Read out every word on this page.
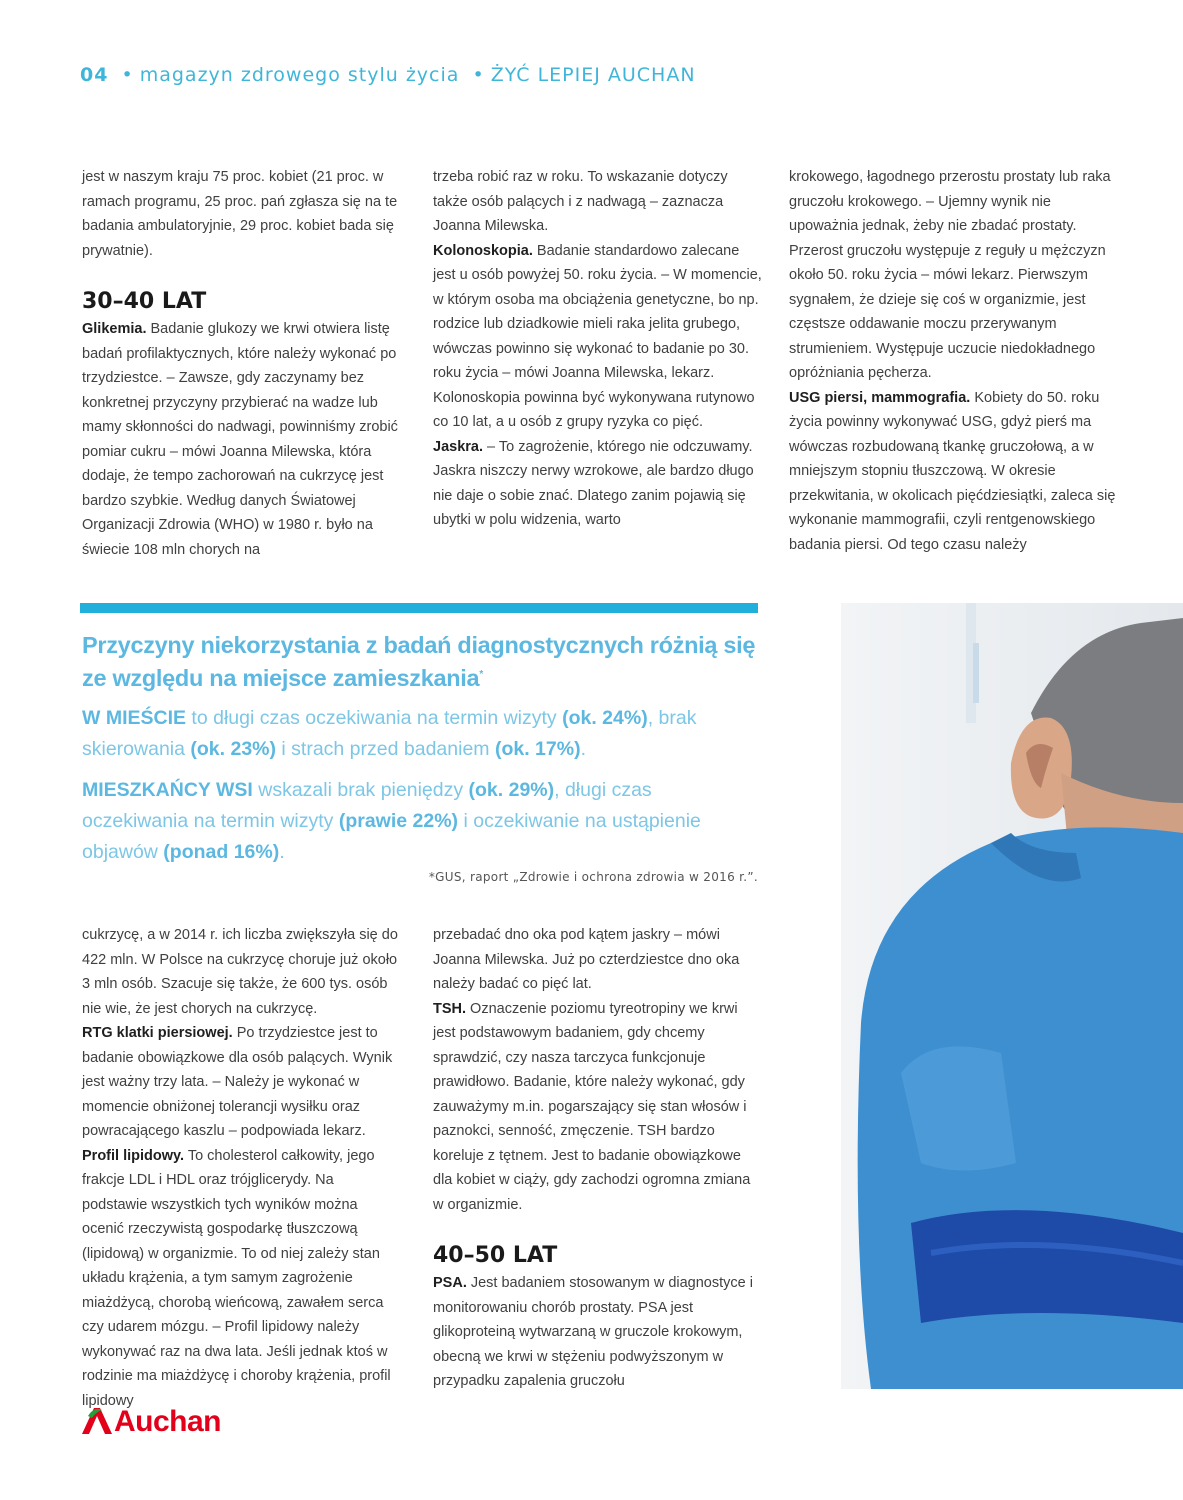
04 • magazyn zdrowego stylu życia • ŻYĆ LEPIEJ AUCHAN

jest w naszym kraju 75 proc. kobiet (21 proc. w ramach programu, 25 proc. pań zgłasza się na te badania ambulatoryjnie, 29 proc. kobiet bada się prywatnie).

30–40 LAT

Glikemia. Badanie glukozy we krwi otwiera listę badań profilaktycznych, które należy wykonać po trzydziestce. – Zawsze, gdy zaczynamy bez konkretnej przyczyny przybierać na wadze lub mamy skłonności do nadwagi, powinniśmy zrobić pomiar cukru – mówi Joanna Milewska, która dodaje, że tempo zachorowań na cukrzycę jest bardzo szybkie. Według danych Światowej Organizacji Zdrowia (WHO) w 1980 r. było na świecie 108 mln chorych na

trzeba robić raz w roku. To wskazanie dotyczy także osób palących i z nadwagą – zaznacza Joanna Milewska.

Kolonoskopia. Badanie standardowo zalecane jest u osób powyżej 50. roku życia. – W momencie, w którym osoba ma obciążenia genetyczne, bo np. rodzice lub dziadkowie mieli raka jelita grubego, wówczas powinno się wykonać to badanie po 30. roku życia – mówi Joanna Milewska, lekarz. Kolonoskopia powinna być wykonywana rutynowo co 10 lat, a u osób z grupy ryzyka co pięć.

Jaskra. – To zagrożenie, którego nie odczuwamy. Jaskra niszczy nerwy wzrokowe, ale bardzo długo nie daje o sobie znać. Dlatego zanim pojawią się ubytki w polu widzenia, warto

krokowego, łagodnego przerostu prostaty lub raka gruczołu krokowego. – Ujemny wynik nie upoważnia jednak, żeby nie zbadać prostaty. Przerost gruczołu występuje z reguły u mężczyzn około 50. roku życia – mówi lekarz. Pierwszym sygnałem, że dzieje się coś w organizmie, jest częstsze oddawanie moczu przerywanym strumieniem. Występuje uczucie niedokładnego opróżniania pęcherza.

USG piersi, mammografia. Kobiety do 50. roku życia powinny wykonywać USG, gdyż pierś ma wówczas rozbudowaną tkankę gruczołową, a w mniejszym stopniu tłuszczową. W okresie przekwitania, w okolicach pięćdziesiątki, zaleca się wykonanie mammografii, czyli rentgenowskiego badania piersi. Od tego czasu należy

Przyczyny niekorzystania z badań diagnostycznych różnią się ze względu na miejsce zamieszkania*

W MIEŚCIE to długi czas oczekiwania na termin wizyty (ok. 24%), brak skierowania (ok. 23%) i strach przed badaniem (ok. 17%).

MIESZKAŃCY WSI wskazali brak pieniędzy (ok. 29%), długi czas oczekiwania na termin wizyty (prawie 22%) i oczekiwanie na ustąpienie objawów (ponad 16%).

*GUS, raport „Zdrowie i ochrona zdrowia w 2016 r.”.

cukrzycę, a w 2014 r. ich liczba zwiększyła się do 422 mln. W Polsce na cukrzycę choruje już około 3 mln osób. Szacuje się także, że 600 tys. osób nie wie, że jest chorych na cukrzycę.

RTG klatki piersiowej. Po trzydziestce jest to badanie obowiązkowe dla osób palących. Wynik jest ważny trzy lata. – Należy je wykonać w momencie obniżonej tolerancji wysiłku oraz powracającego kaszlu – podpowiada lekarz.

Profil lipidowy. To cholesterol całkowity, jego frakcje LDL i HDL oraz trójglicerydy. Na podstawie wszystkich tych wyników można ocenić rzeczywistą gospodarkę tłuszczową (lipidową) w organizmie. To od niej zależy stan układu krążenia, a tym samym zagrożenie miażdżycą, chorobą wieńcową, zawałem serca czy udarem mózgu. – Profil lipidowy należy wykonywać raz na dwa lata. Jeśli jednak ktoś w rodzinie ma miażdżycę i choroby krążenia, profil lipidowy

przebadać dno oka pod kątem jaskry – mówi Joanna Milewska. Już po czterdziestce dno oka należy badać co pięć lat.

TSH. Oznaczenie poziomu tyreotropiny we krwi jest podstawowym badaniem, gdy chcemy sprawdzić, czy nasza tarczyca funkcjonuje prawidłowo. Badanie, które należy wykonać, gdy zauważymy m.in. pogarszający się stan włosów i paznokci, senność, zmęczenie. TSH bardzo koreluje z tętnem. Jest to badanie obowiązkowe dla kobiet w ciąży, gdy zachodzi ogromna zmiana w organizmie.

40–50 LAT

PSA. Jest badaniem stosowanym w diagnostyce i monitorowaniu chorób prostaty. PSA jest glikoproteiną wytwarzaną w gruczole krokowym, obecną we krwi w stężeniu podwyższonym w przypadku zapalenia gruczołu

Auchan
